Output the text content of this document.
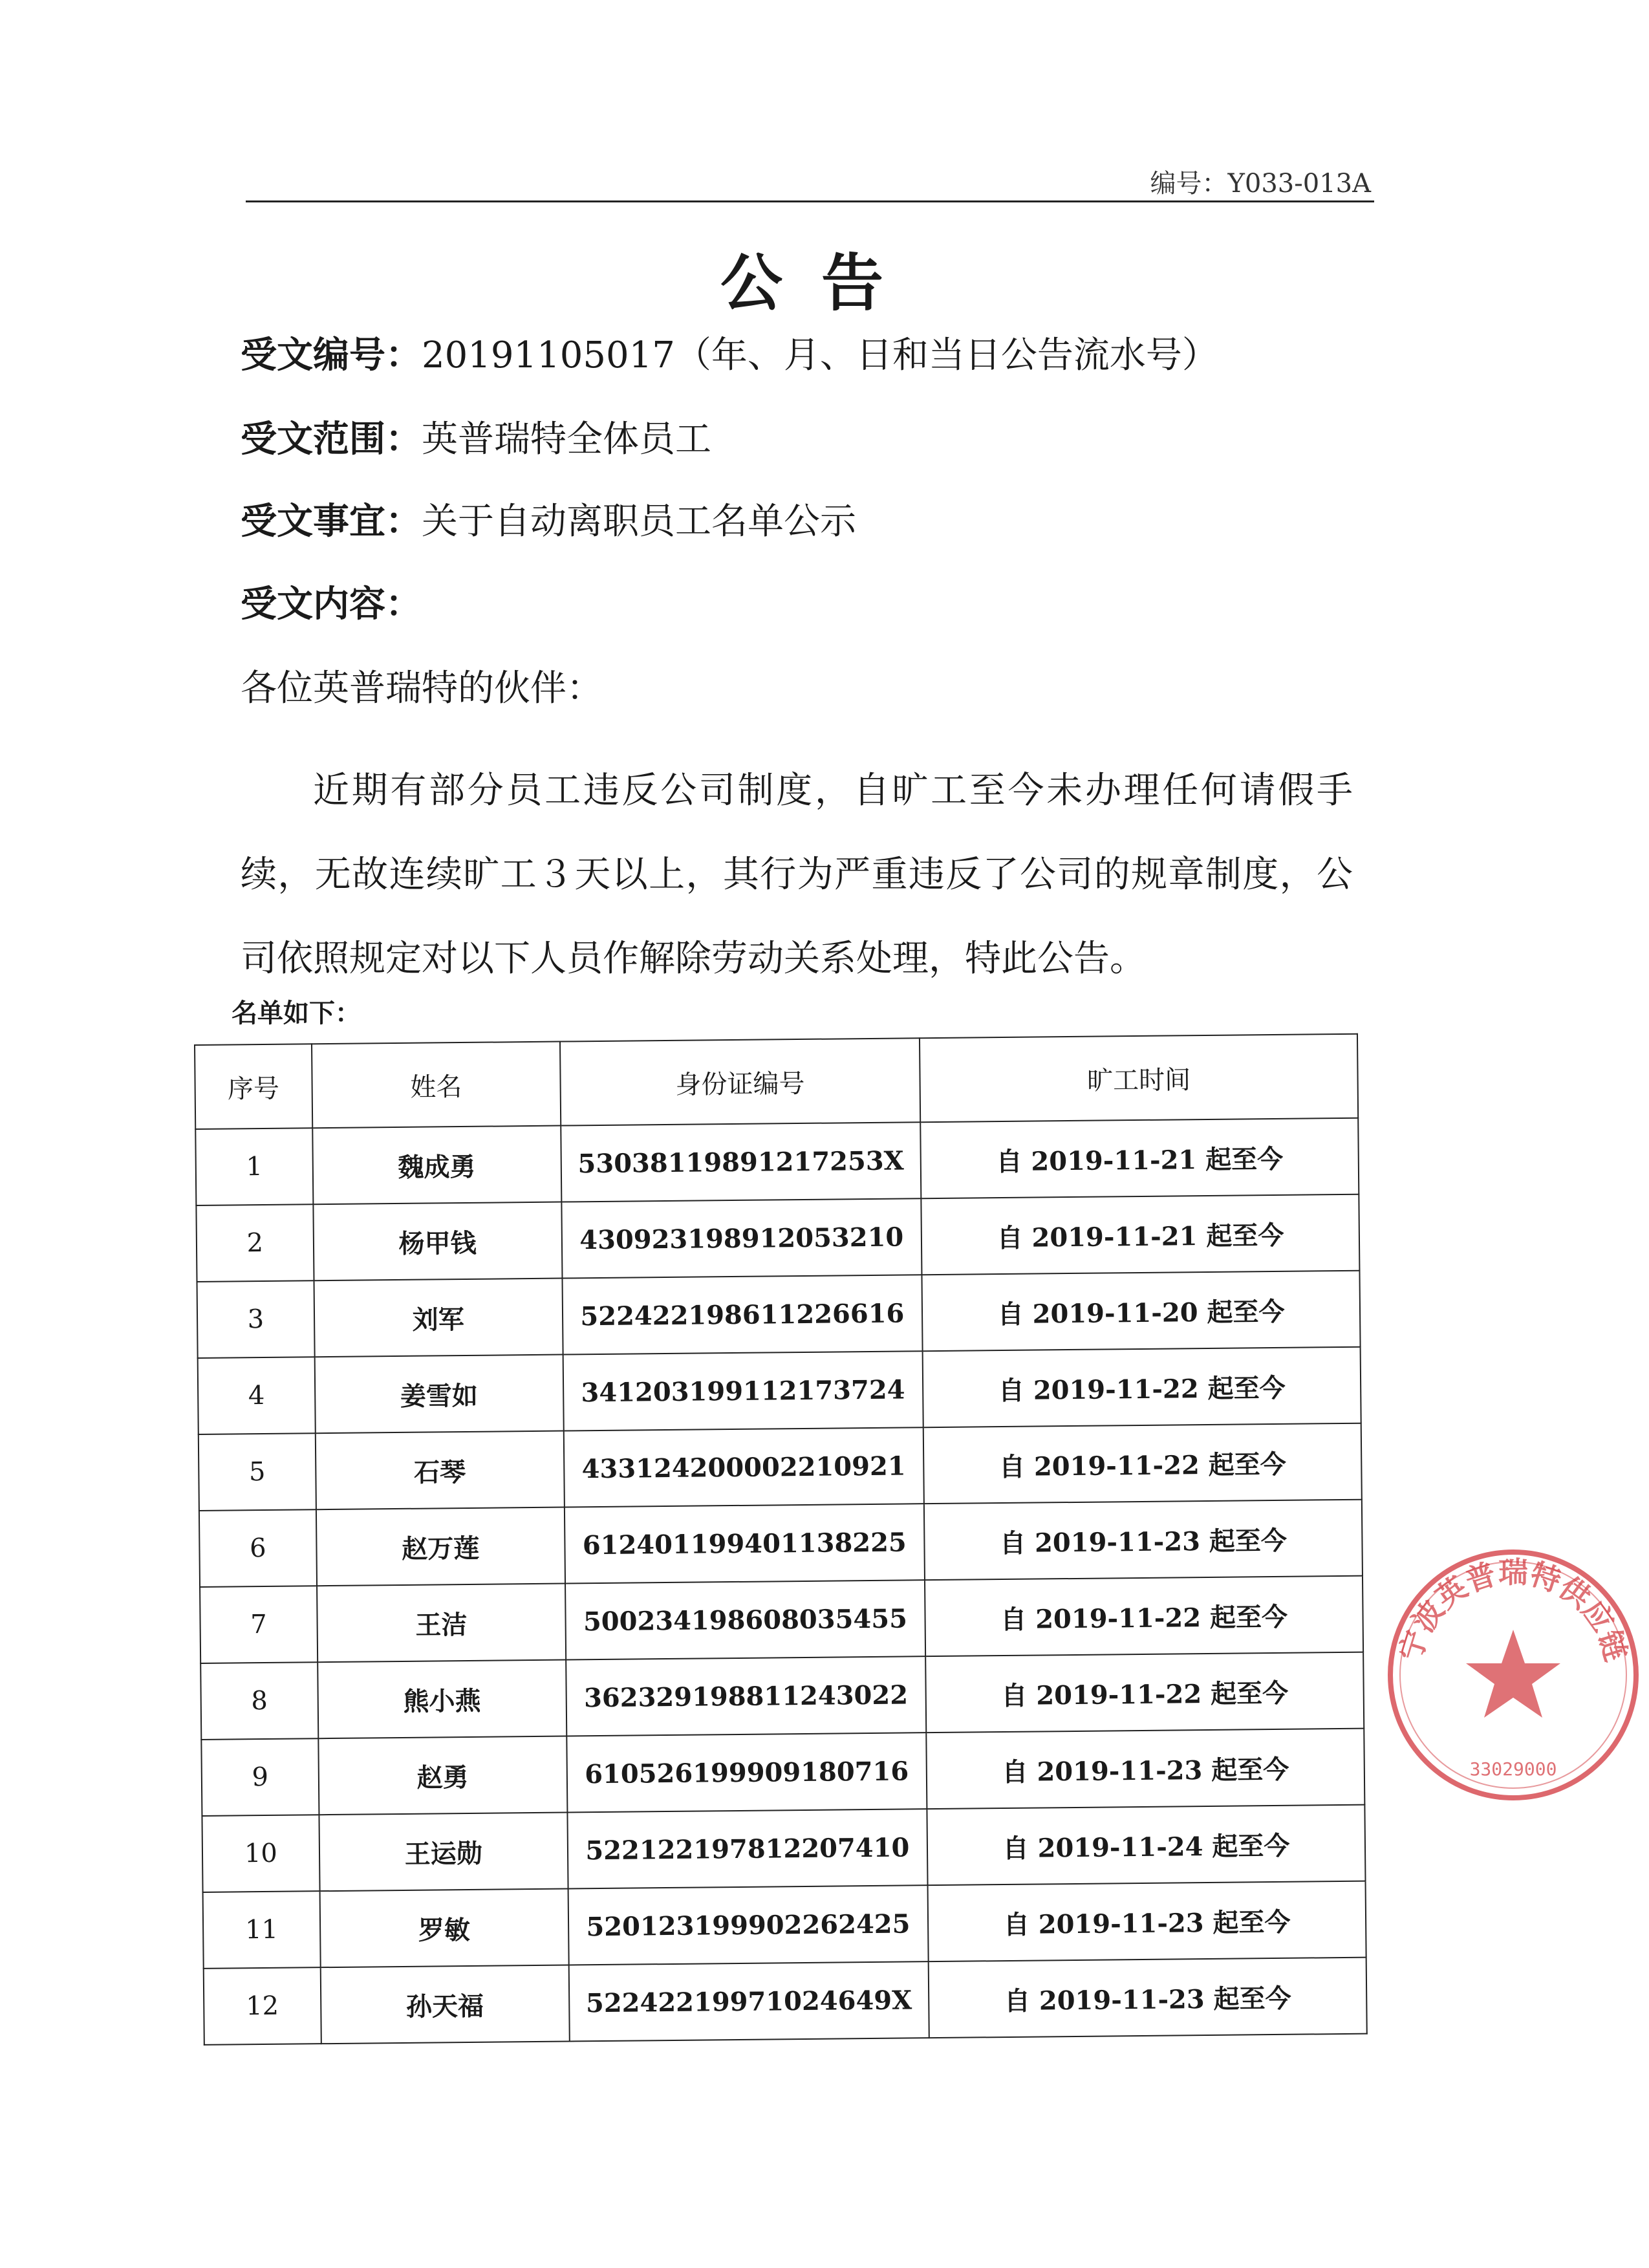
编号：Y033-013A
公告
受文编号：20191105017（年、月、日和当日公告流水号）
受文范围：英普瑞特全体员工
受文事宜：关于自动离职员工名单公示
受文内容：
各位英普瑞特的伙伴：
近期有部分员工违反公司制度，自旷工至今未办理任何请假手续，无故连续旷工３天以上，其行为严重违反了公司的规章制度，公司依照规定对以下人员作解除劳动关系处理，特此公告。
名单如下：
序号	姓名	身份证编号	旷工时间
1	魏成勇	53038119891217253X	自 2019-11-21 起至今
2	杨甲钱	430923198912053210	自 2019-11-21 起至今
3	刘军	522422198611226616	自 2019-11-20 起至今
4	姜雪如	341203199112173724	自 2019-11-22 起至今
5	石琴	433124200002210921	自 2019-11-22 起至今
6	赵万莲	612401199401138225	自 2019-11-23 起至今
7	王洁	500234198608035455	自 2019-11-22 起至今
8	熊小燕	362329198811243022	自 2019-11-22 起至今
9	赵勇	610526199909180716	自 2019-11-23 起至今
10	王运勋	522122197812207410	自 2019-11-24 起至今
11	罗敏	520123199902262425	自 2019-11-23 起至今
12	孙天福	52242219971024649X	自 2019-11-23 起至今
宁波英普瑞特供应链
33029000
